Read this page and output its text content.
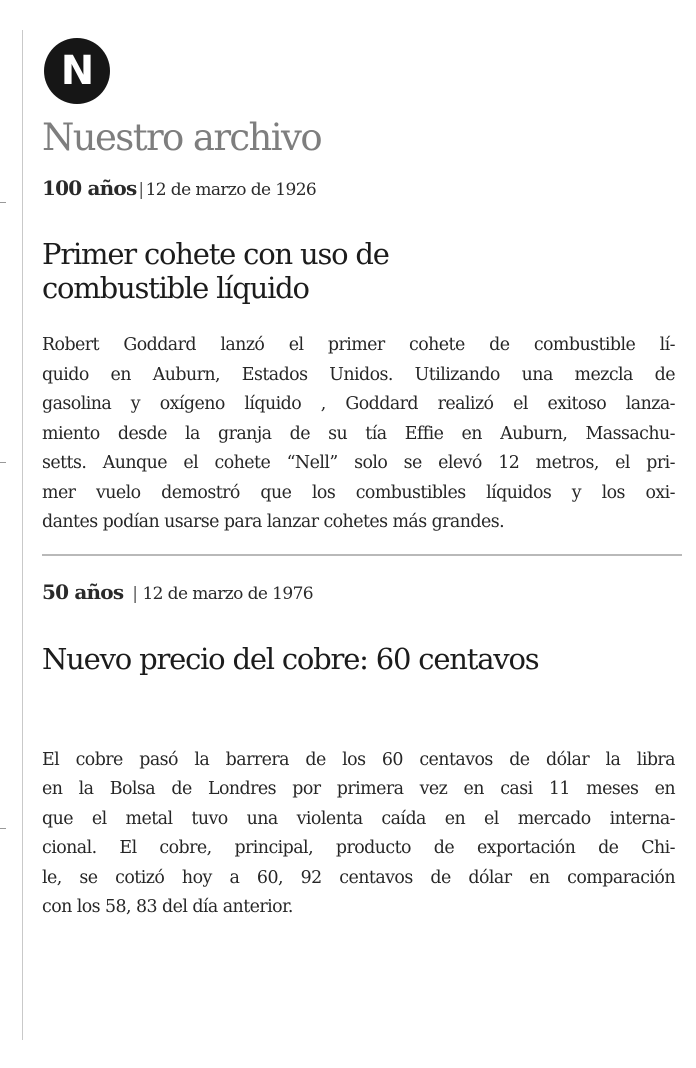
N
Nuestro archivo
100 años | 12 de marzo de 1926
Primer cohete con uso de
combustible líquido
Robert Goddard lanzó el primer cohete de combustible lí-
quido en Auburn, Estados Unidos. Utilizando una mezcla de
gasolina y oxígeno líquido , Goddard realizó el exitoso lanza-
miento desde la granja de su tía Effie en Auburn, Massachu-
setts. Aunque el cohete “Nell” solo se elevó 12 metros, el pri-
mer vuelo demostró que los combustibles líquidos y los oxi-
dantes podían usarse para lanzar cohetes más grandes.
50 años | 12 de marzo de 1976
Nuevo precio del cobre: 60 centavos
El cobre pasó la barrera de los 60 centavos de dólar la libra
en la Bolsa de Londres por primera vez en casi 11 meses en
que el metal tuvo una violenta caída en el mercado interna-
cional. El cobre, principal, producto de exportación de Chi-
le, se cotizó hoy a 60, 92 centavos de dólar en comparación
con los 58, 83 del día anterior.
